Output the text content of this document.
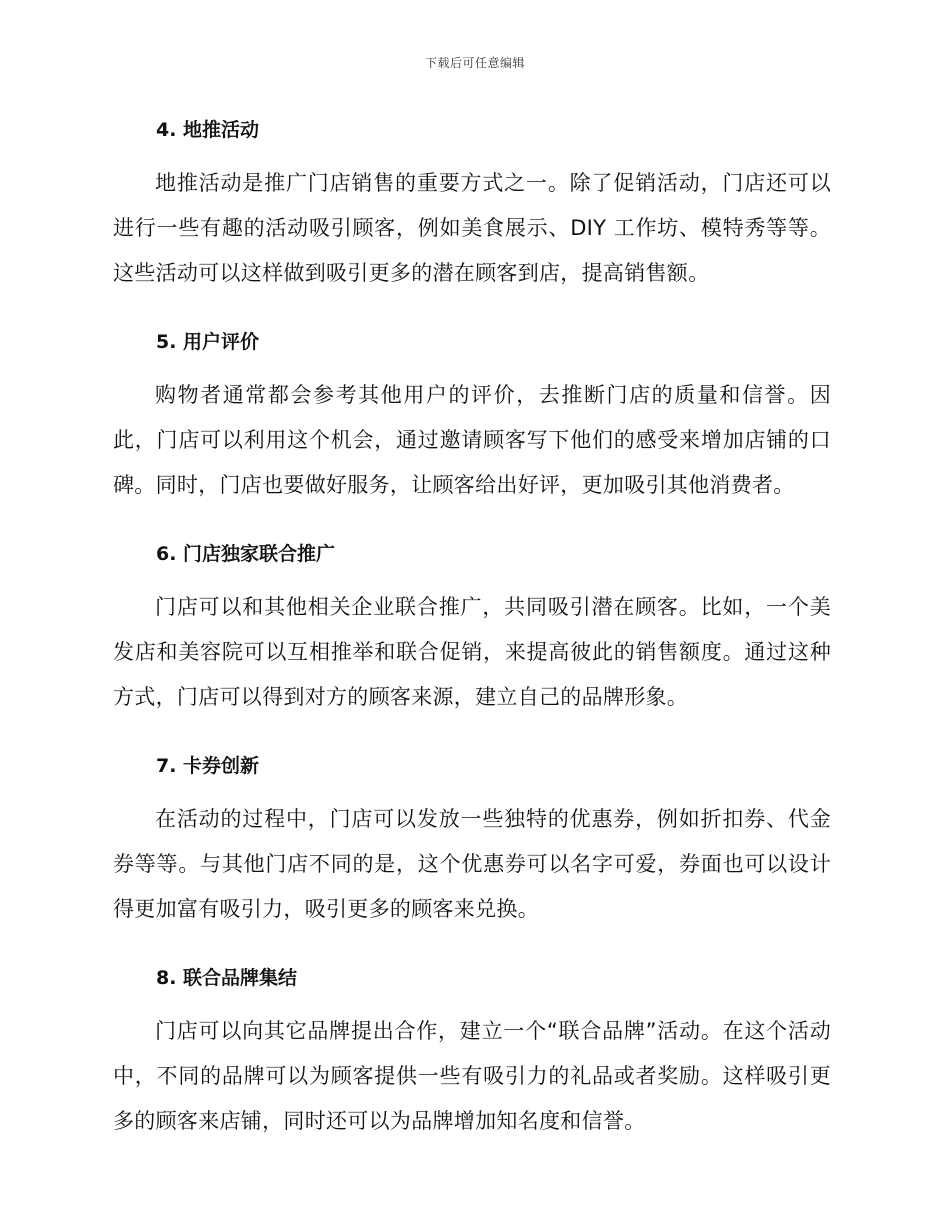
下载后可任意编辑
4. 地推活动

地推活动是推广门店销售的重要方式之一。除了促销活动，门店还可以进行一些有趣的活动吸引顾客，例如美食展示、DIY 工作坊、模特秀等等。这些活动可以这样做到吸引更多的潜在顾客到店，提高销售额。

5. 用户评价

购物者通常都会参考其他用户的评价，去推断门店的质量和信誉。因此，门店可以利用这个机会，通过邀请顾客写下他们的感受来增加店铺的口碑。同时，门店也要做好服务，让顾客给出好评，更加吸引其他消费者。

6. 门店独家联合推广

门店可以和其他相关企业联合推广，共同吸引潜在顾客。比如，一个美发店和美容院可以互相推举和联合促销，来提高彼此的销售额度。通过这种方式，门店可以得到对方的顾客来源，建立自己的品牌形象。

7. 卡券创新

在活动的过程中，门店可以发放一些独特的优惠券，例如折扣券、代金券等等。与其他门店不同的是，这个优惠券可以名字可爱，券面也可以设计得更加富有吸引力，吸引更多的顾客来兑换。

8. 联合品牌集结

门店可以向其它品牌提出合作，建立一个“联合品牌”活动。在这个活动中，不同的品牌可以为顾客提供一些有吸引力的礼品或者奖励。这样吸引更多的顾客来店铺，同时还可以为品牌增加知名度和信誉。
